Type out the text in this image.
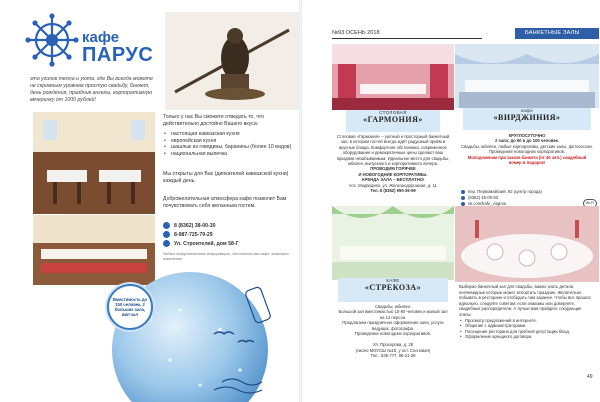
кафе
ПАРУС
это уголок тепла и уюта, где Вы всегда можете не скромным уровнем простую свадьбу, банкет, день рождения, праздник ангелы, корпоративную вечеринку от 1000 рублей!
Только у нас Вы сможете отведать то, что действительно достойно Вашего вкуса:
• настоящая кавказская кухня
• европейская кухня
• шашлык из говядины, баранины (более 10 видов)
• национальная выпечка
Мы открыты для Вас (дипкателей кавказской кухни) каждый день.
Доброжелательная атмосфера кафе позволит Вам почувствовать себя желанным гостем.
8 (8362) 38-00-30
8-987-725-79-29
Ул. Строителей, дом 58-Г
Любые представленные информация, обстоятельства кафе, возможно изменение
Вместимость до 150 человек, 2 больших зала, вип-зал
№93 ОСЕНЬ 2018	БАНКЕТНЫЕ ЗАЛЫ
СТОЛОВАЯ
«ГАРМОНИЯ»

Столовая «Гармония» – уютный и просторный банкетный зал, в котором гостей всегда ждёт радушный приём и вкусные блюда. Комфортная обстановка, современное оборудование и демократичные цены сделают ваш праздник незабываемым. Идеальное место для свадьбы, юбилея, выпускного и корпоративного вечера.

ПРОВОДИМ ГОРЯЧЕЕ

И НОВОГОДНИЕ КОРПОРАТИВЫ.

АРЕНДА ЗАЛА – БЕСПЛАТНО!

пос. Медведево, ул. Железнодорожная, д. 11

Тел. 8 (8362) 990-36-99

кафе
«ВИРДЖИНИЯ»

КРУГЛОСУТОЧНО

2 зала: до 60 и до 100 человек.

Свадьбы, юбилеи, любые корпоративы, детские залы, фотосессии.

Проведение новогодних корпоративов.

Молодоженам при заказе банкета (от 40 чел.) свадебный номер в подарок!

пер. Первомайский, 92 (центр города)
(8362) 45-05-93
vk.com/kafe_virginia	Wi-Fi
КАФЕ
«СТРЕКОЗА»

Свадьбы, юбилеи.

Большой зал вместимостью 10-80 человек и малый зал на 12 персон.

Предлагаем праздничное оформление зала, услуги ведущих, фотографа.

Проведение новогодних корпоративов.

Ул. Прохорова, д. 28

(около МОУСШ №18, у ост. Сосновая)

Тел.: 635-777, 96-21-39

Выбирая банкетный зал для свадьбы, важно знать детали, неочевидные которые может испортить праздник. Желательно побывать в ресторане и отобедать там заранее. Чтобы все прошло идеально, следуйте советам: если знакомы или доверяете, свадебные распорядители. А лучше вам пройдите следующие этапы:

• Просмотр предложений в интернете.
• Общение с администраторами.
• Посещение ресторана для пробной дегустации блюд.
• Оформление арендного договора.
49
